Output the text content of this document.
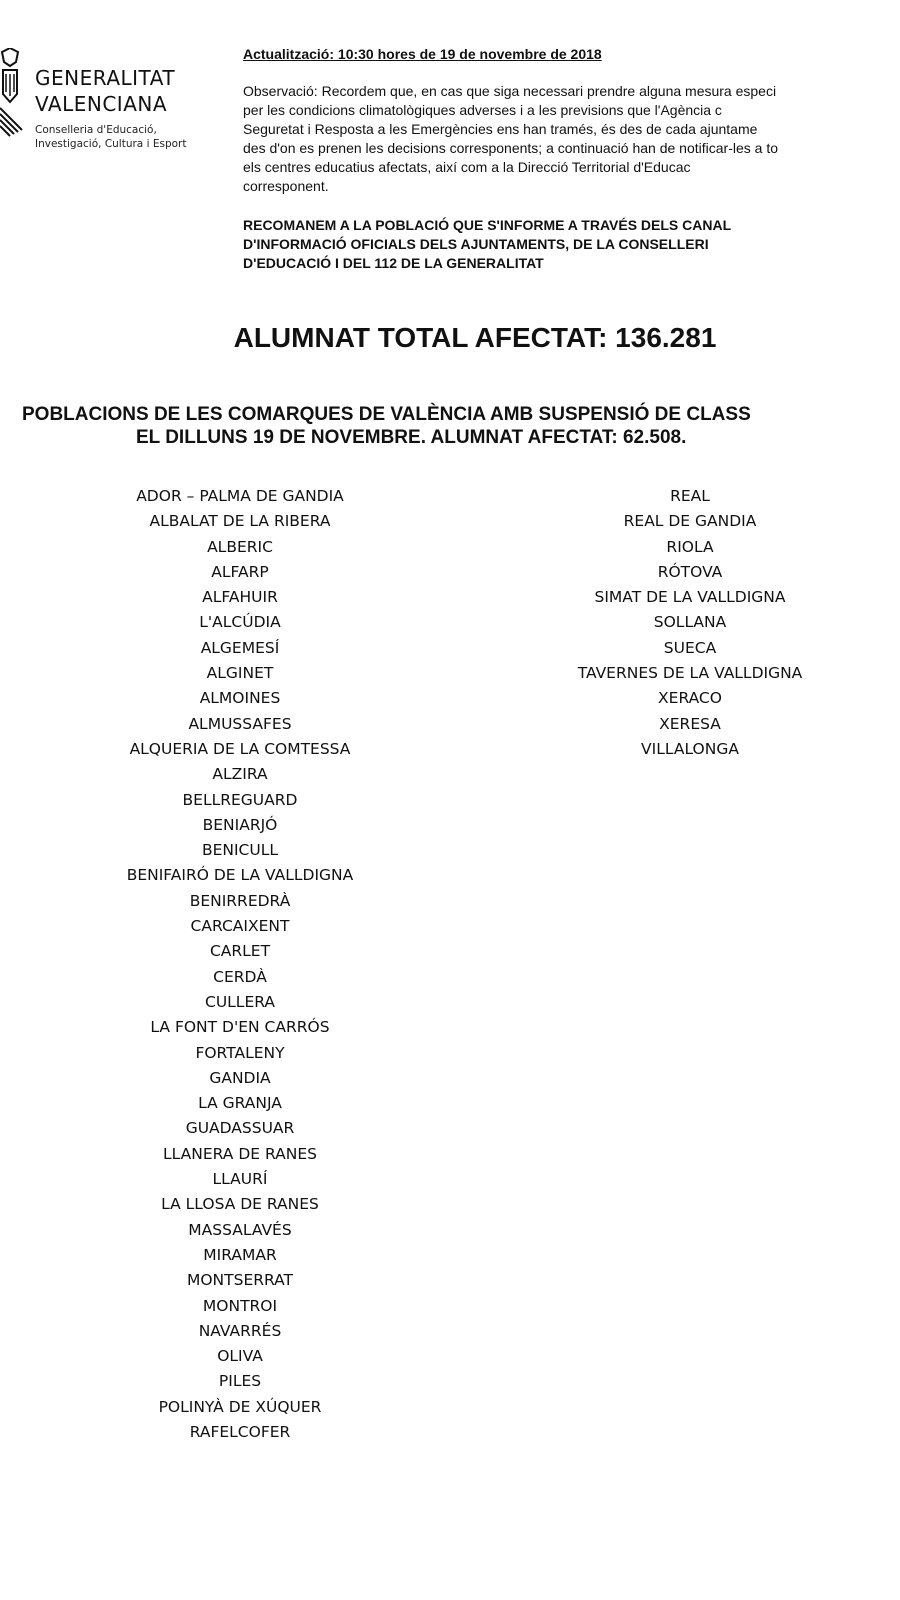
GENERALITAT
VALENCIANA
Conselleria d'Educació,
Investigació, Cultura i Esport
Actualització: 10:30 hores de 19 de novembre de 2018
Observació: Recordem que, en cas que siga necessari prendre alguna mesura especi
per les condicions climatològiques adverses i a les previsions que l'Agència c
Seguretat i Resposta a les Emergències ens han tramés, és des de cada ajuntame
des d'on es prenen les decisions corresponents; a continuació han de notificar-les a to
els centres educatius afectats, així com a la Direcció Territorial d'Educac
corresponent.
RECOMANEM A LA POBLACIÓ QUE S'INFORME A TRAVÉS DELS CANAL
D'INFORMACIÓ OFICIALS DELS AJUNTAMENTS, DE LA CONSELLERI
D'EDUCACIÓ I DEL 112 DE LA GENERALITAT
ALUMNAT TOTAL AFECTAT: 136.281
POBLACIONS DE LES COMARQUES DE VALÈNCIA AMB SUSPENSIÓ DE CLASS
EL DILLUNS 19 DE NOVEMBRE. ALUMNAT AFECTAT: 62.508.
ADOR – PALMA DE GANDIA
ALBALAT DE LA RIBERA
ALBERIC
ALFARP
ALFAHUIR
L'ALCÚDIA
ALGEMESÍ
ALGINET
ALMOINES
ALMUSSAFES
ALQUERIA DE LA COMTESSA
ALZIRA
BELLREGUARD
BENIARJÓ
BENICULL
BENIFAIRÓ DE LA VALLDIGNA
BENIRREDRÀ
CARCAIXENT
CARLET
CERDÀ
CULLERA
LA FONT D'EN CARRÓS
FORTALENY
GANDIA
LA GRANJA
GUADASSUAR
LLANERA DE RANES
LLAURÍ
LA LLOSA DE RANES
MASSALAVÉS
MIRAMAR
MONTSERRAT
MONTROI
NAVARRÉS
OLIVA
PILES
POLINYÀ DE XÚQUER
RAFELCOFER
REAL
REAL DE GANDIA
RIOLA
RÓTOVA
SIMAT DE LA VALLDIGNA
SOLLANA
SUECA
TAVERNES DE LA VALLDIGNA
XERACO
XERESA
VILLALONGA
